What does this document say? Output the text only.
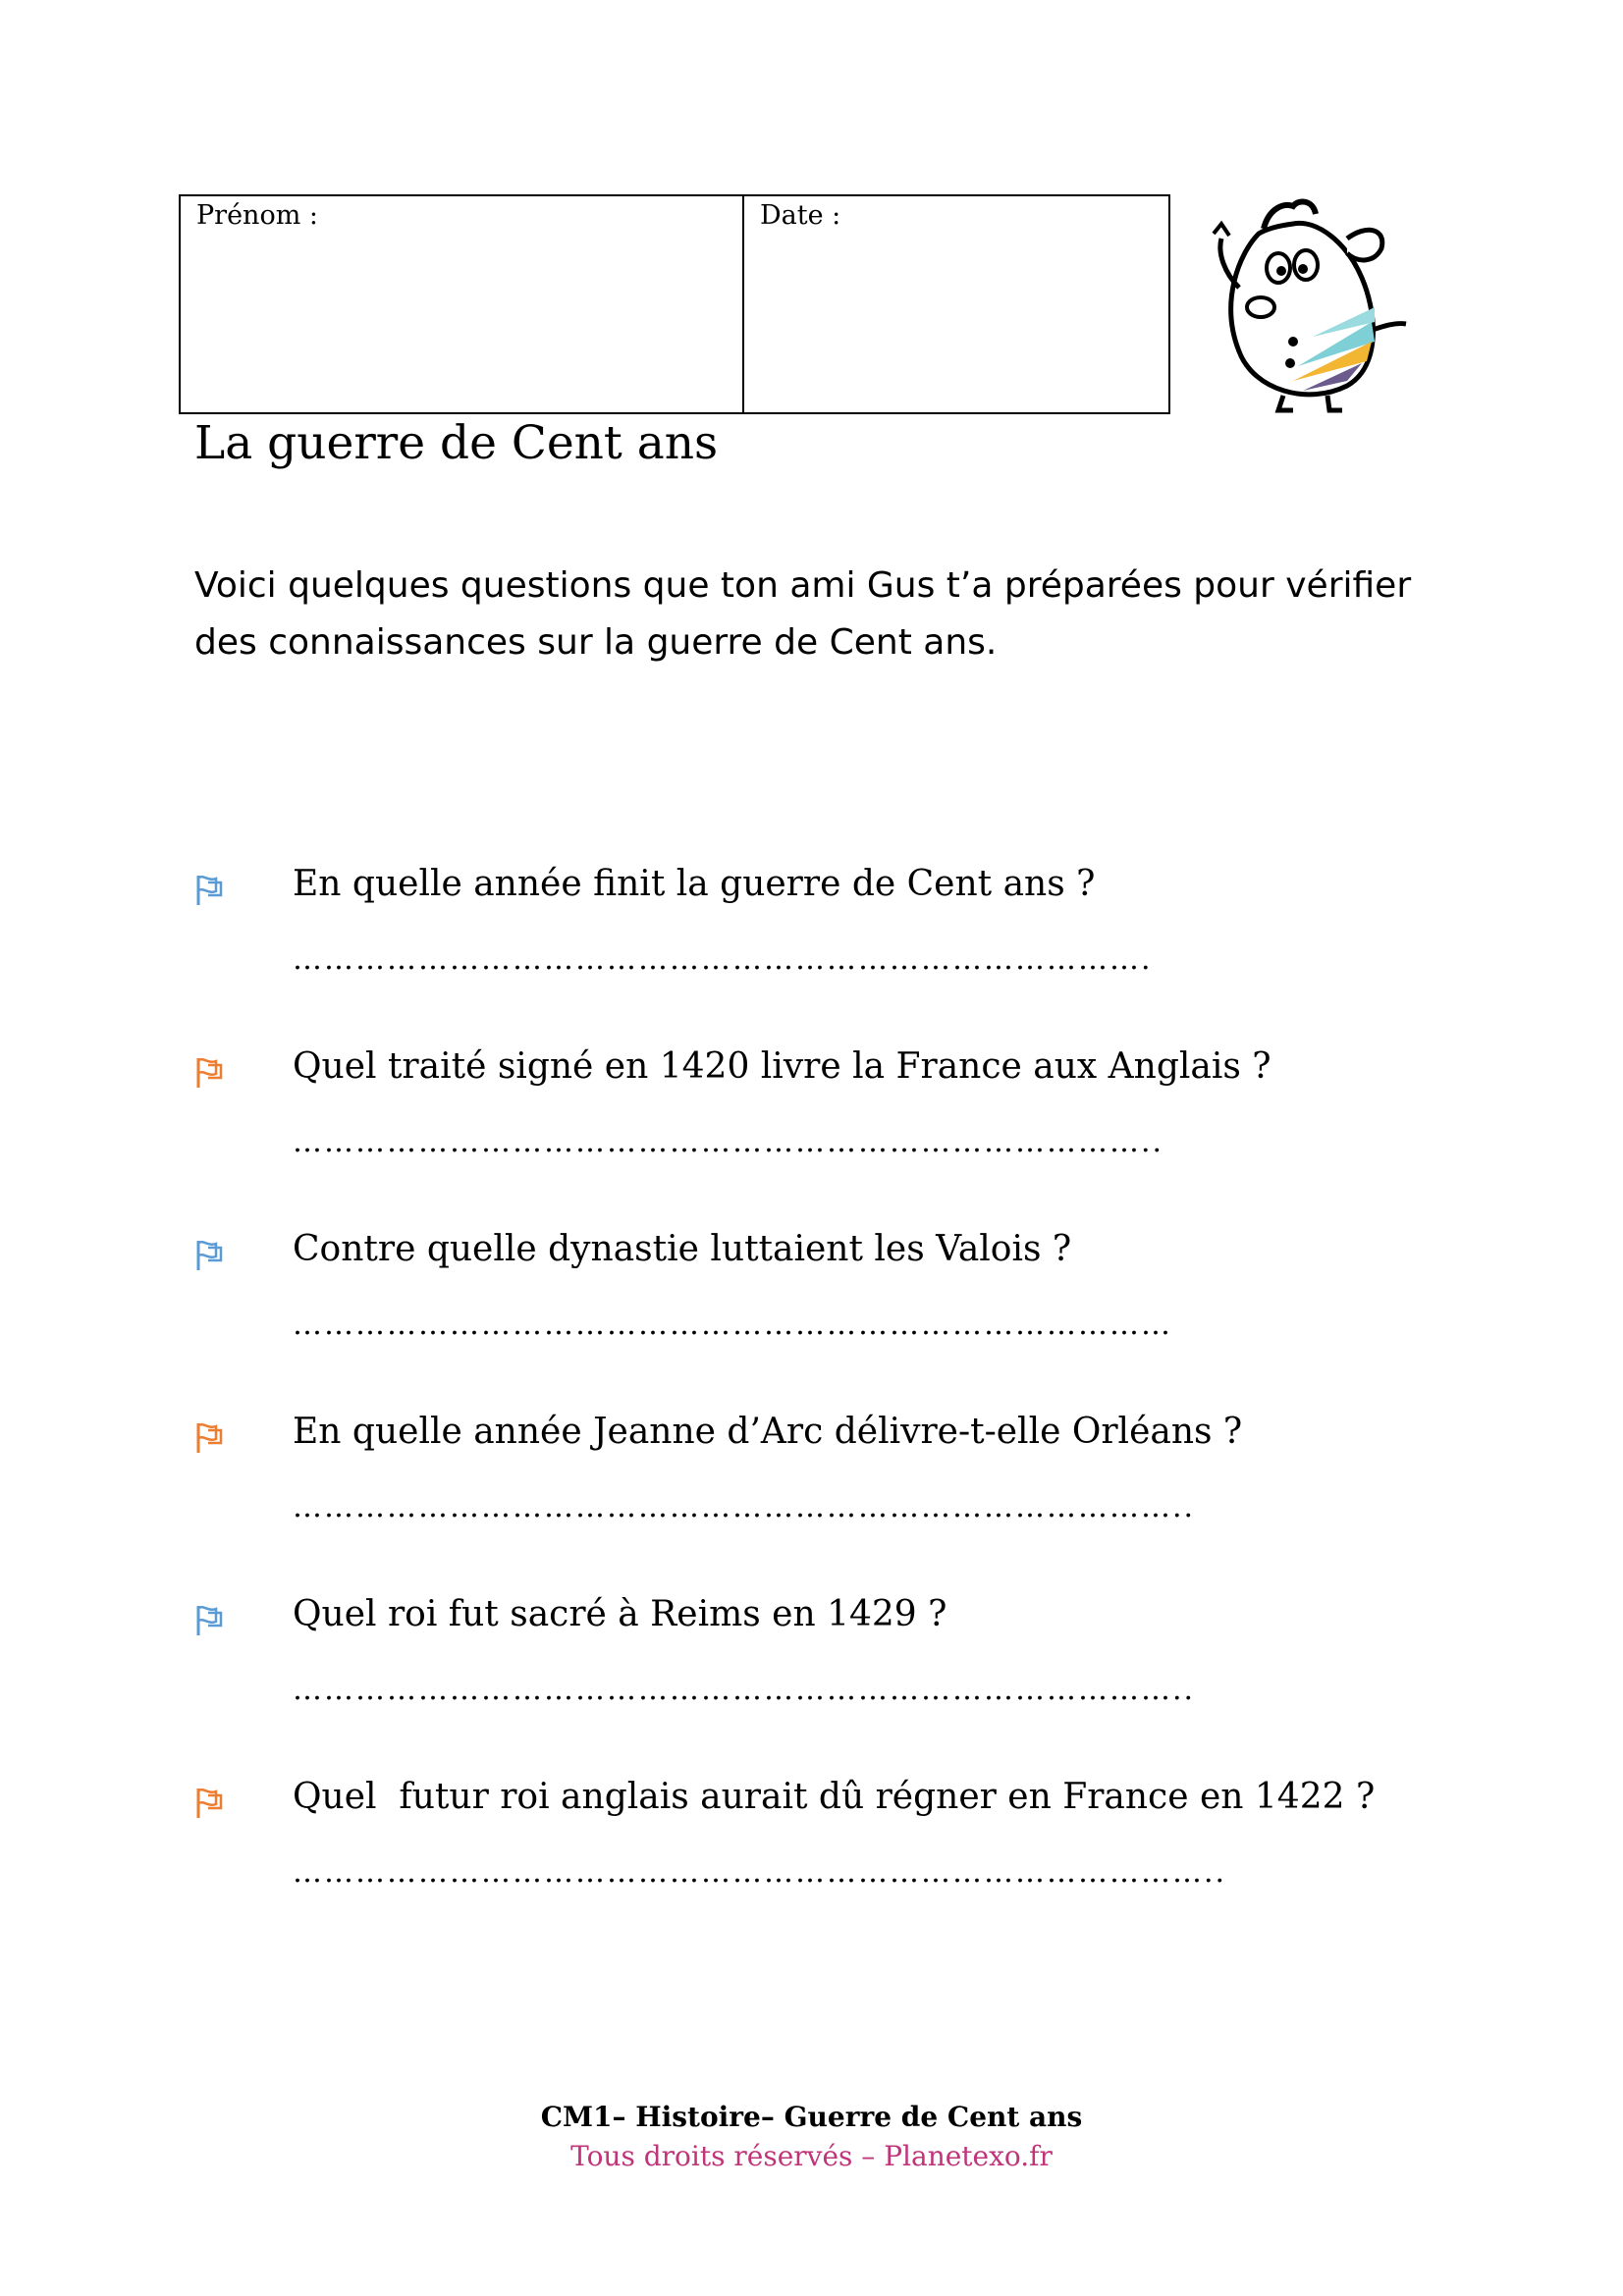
Prénom :	Date :
La guerre de Cent ans

Voici quelques questions que ton ami Gus t’a préparées pour vérifier des connaissances sur la guerre de Cent ans.

En quelle année finit la guerre de Cent ans ?
……………………………………………………………………….
Quel traité signé en 1420 livre la France aux Anglais ?
………………………………………………………………………..
Contre quelle dynastie luttaient les Valois ?
…………………………………………………………………………
En quelle année Jeanne d’Arc délivre-t-elle Orléans ?
…………………………………………………………………………..
Quel roi fut sacré à Reims en 1429 ?
…………………………………………………………………………..
Quel  futur roi anglais aurait dû régner en France en 1422 ?
……………………………………………………………………………..
CM1– Histoire– Guerre de Cent ans
Tous droits réservés – Planetexo.fr
